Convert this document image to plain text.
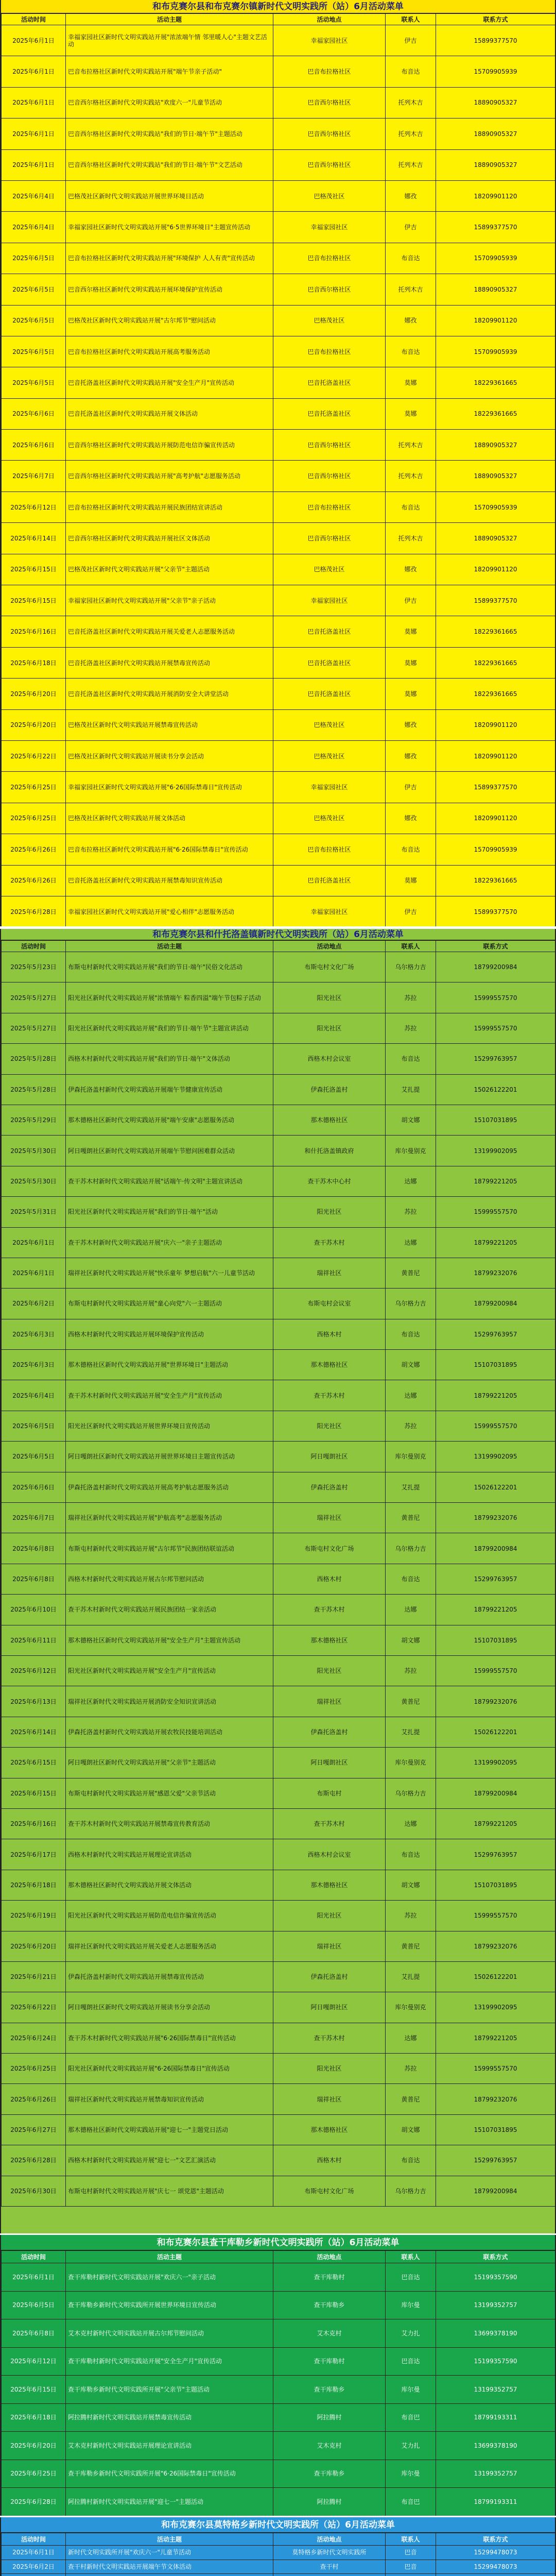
和布克赛尔县和布克赛尔镇新时代文明实践所（站）6月活动菜单
活动时间	活动主题	活动地点	联系人	联系方式
2025年6月1日	幸福家园社区新时代文明实践站开展"浓浓端午情 邻里暖人心"主题文艺活动	幸福家园社区	伊吉	15899377570
2025年6月1日	巴音布拉格社区新时代文明实践站开展"端午节亲子活动"	巴音布拉格社区	布音达	15709905939
2025年6月1日	巴音西尔格社区新时代文明实践站"欢度六一"儿童节活动	巴音西尔格社区	托列木吉	18890905327
2025年6月1日	巴音西尔格社区新时代文明实践站"我们的节日·端午节"主题活动	巴音西尔格社区	托列木吉	18890905327
2025年6月1日	巴音西尔格社区新时代文明实践站"我们的节日·端午节"文艺活动	巴音西尔格社区	托列木吉	18890905327
2025年6月4日	巴格茂社区新时代文明实践站开展世界环境日活动	巴格茂社区	娜孜	18209901120
2025年6月4日	幸福家园社区新时代文明实践站开展"6·5世界环境日"主题宣传活动	幸福家园社区	伊吉	15899377570
2025年6月5日	巴音布拉格社区新时代文明实践站开展"环境保护 人人有责"宣传活动	巴音布拉格社区	布音达	15709905939
2025年6月5日	巴音西尔格社区新时代文明实践站开展环境保护宣传活动	巴音西尔格社区	托列木吉	18890905327
2025年6月5日	巴格茂社区新时代文明实践站开展"古尔邦节"慰问活动	巴格茂社区	娜孜	18209901120
2025年6月5日	巴音布拉格社区新时代文明实践站开展高考服务活动	巴音布拉格社区	布音达	15709905939
2025年6月5日	巴音托洛盖社区新时代文明实践站开展"安全生产月"宣传活动	巴音托洛盖社区	莫娜	18229361665
2025年6月6日	巴音托洛盖社区新时代文明实践站开展文体活动	巴音托洛盖社区	莫娜	18229361665
2025年6月6日	巴音西尔格社区新时代文明实践站开展防范电信诈骗宣传活动	巴音西尔格社区	托列木吉	18890905327
2025年6月7日	巴音西尔格社区新时代文明实践站开展"高考护航"志愿服务活动	巴音西尔格社区	托列木吉	18890905327
2025年6月12日	巴音布拉格社区新时代文明实践站开展民族团结宣讲活动	巴音布拉格社区	布音达	15709905939
2025年6月14日	巴音西尔格社区新时代文明实践站开展社区文体活动	巴音西尔格社区	托列木吉	18890905327
2025年6月15日	巴格茂社区新时代文明实践站开展"父亲节"主题活动	巴格茂社区	娜孜	18209901120
2025年6月15日	幸福家园社区新时代文明实践站开展"父亲节"亲子活动	幸福家园社区	伊吉	15899377570
2025年6月16日	巴音托洛盖社区新时代文明实践站开展关爱老人志愿服务活动	巴音托洛盖社区	莫娜	18229361665
2025年6月18日	巴音托洛盖社区新时代文明实践站开展禁毒宣传活动	巴音托洛盖社区	莫娜	18229361665
2025年6月20日	巴音托洛盖社区新时代文明实践站开展消防安全大讲堂活动	巴音托洛盖社区	莫娜	18229361665
2025年6月20日	巴格茂社区新时代文明实践站开展禁毒宣传活动	巴格茂社区	娜孜	18209901120
2025年6月22日	巴格茂社区新时代文明实践站开展读书分享会活动	巴格茂社区	娜孜	18209901120
2025年6月25日	幸福家园社区新时代文明实践站开展"6·26国际禁毒日"宣传活动	幸福家园社区	伊吉	15899377570
2025年6月25日	巴格茂社区新时代文明实践站开展文体活动	巴格茂社区	娜孜	18209901120
2025年6月26日	巴音布拉格社区新时代文明实践站开展"6·26国际禁毒日"宣传活动	巴音布拉格社区	布音达	15709905939
2025年6月26日	巴音托洛盖社区新时代文明实践站开展禁毒知识宣传活动	巴音托洛盖社区	莫娜	18229361665
2025年6月28日	幸福家园社区新时代文明实践站开展"爱心相伴"志愿服务活动	幸福家园社区	伊吉	15899377570
和布克赛尔县和什托洛盖镇新时代文明实践所（站）6月活动菜单
活动时间	活动主题	活动地点	联系人	联系方式
2025年5月23日	布斯屯村新时代文明实践站开展"我们的节日·端午"民俗文化活动	布斯屯村文化广场	乌尔格力吉	18799200984
2025年5月27日	阳光社区新时代文明实践站开展"浓情端午 粽香四溢"端午节包粽子活动	阳光社区	苏拉	15999557570
2025年5月27日	阳光社区新时代文明实践站开展"我们的节日·端午节"主题宣讲活动	阳光社区	苏拉	15999557570
2025年5月28日	西格木村新时代文明实践站开展"我们的节日·端午"文体活动	西格木村会议室	布音达	15299763957
2025年5月28日	伊森托洛盖村新时代文明实践站开展端午节健康宣传活动	伊森托洛盖村	艾扎提	15026122201
2025年5月29日	那木德格社区新时代文明实践站开展"端午安康"志愿服务活动	那木德格社区	胡文娜	15107031895
2025年5月30日	阿日嘎朗社区新时代文明实践站开展端午节慰问困难群众活动	和什托洛盖镇政府	库尔曼别克	13199902095
2025年5月30日	查干苏木村新时代文明实践站开展"话端午·传文明"主题宣讲活动	查干苏木中心村	达娜	18799221205
2025年5月31日	阳光社区新时代文明实践站开展"我们的节日·端午"活动	阳光社区	苏拉	15999557570
2025年6月1日	查干苏木村新时代文明实践站开展"庆六一"亲子主题活动	查干苏木村	达娜	18799221205
2025年6月1日	瑞祥社区新时代文明实践站开展"快乐童年 梦想启航"六一儿童节活动	瑞祥社区	黄普尼	18799232076
2025年6月2日	布斯屯村新时代文明实践站开展"童心向党"六一主题活动	布斯屯村会议室	乌尔格力吉	18799200984
2025年6月3日	西格木村新时代文明实践站开展环境保护宣传活动	西格木村	布音达	15299763957
2025年6月3日	那木德格社区新时代文明实践站开展"世界环境日"主题活动	那木德格社区	胡文娜	15107031895
2025年6月4日	查干苏木村新时代文明实践站开展"安全生产月"宣传活动	查干苏木村	达娜	18799221205
2025年6月5日	阳光社区新时代文明实践站开展世界环境日宣传活动	阳光社区	苏拉	15999557570
2025年6月5日	阿日嘎朗社区新时代文明实践站开展世界环境日主题宣传活动	阿日嘎朗社区	库尔曼别克	13199902095
2025年6月6日	伊森托洛盖村新时代文明实践站开展高考护航志愿服务活动	伊森托洛盖村	艾扎提	15026122201
2025年6月7日	瑞祥社区新时代文明实践站开展"护航高考"志愿服务活动	瑞祥社区	黄普尼	18799232076
2025年6月8日	布斯屯村新时代文明实践站开展"古尔邦节"民族团结联谊活动	布斯屯村文化广场	乌尔格力吉	18799200984
2025年6月8日	西格木村新时代文明实践站开展古尔邦节慰问活动	西格木村	布音达	15299763957
2025年6月10日	查干苏木村新时代文明实践站开展民族团结一家亲活动	查干苏木村	达娜	18799221205
2025年6月11日	那木德格社区新时代文明实践站开展"安全生产月"主题宣传活动	那木德格社区	胡文娜	15107031895
2025年6月12日	阳光社区新时代文明实践站开展"安全生产月"宣传活动	阳光社区	苏拉	15999557570
2025年6月13日	瑞祥社区新时代文明实践站开展消防安全知识宣讲活动	瑞祥社区	黄普尼	18799232076
2025年6月14日	伊森托洛盖村新时代文明实践站开展农牧民技能培训活动	伊森托洛盖村	艾扎提	15026122201
2025年6月15日	阿日嘎朗社区新时代文明实践站开展"父亲节"主题活动	阿日嘎朗社区	库尔曼别克	13199902095
2025年6月15日	布斯屯村新时代文明实践站开展"感恩父爱"父亲节活动	布斯屯村	乌尔格力吉	18799200984
2025年6月16日	查干苏木村新时代文明实践站开展禁毒宣传教育活动	查干苏木村	达娜	18799221205
2025年6月17日	西格木村新时代文明实践站开展理论宣讲活动	西格木村会议室	布音达	15299763957
2025年6月18日	那木德格社区新时代文明实践站开展文体活动	那木德格社区	胡文娜	15107031895
2025年6月19日	阳光社区新时代文明实践站开展防范电信诈骗宣传活动	阳光社区	苏拉	15999557570
2025年6月20日	瑞祥社区新时代文明实践站开展关爱老人志愿服务活动	瑞祥社区	黄普尼	18799232076
2025年6月21日	伊森托洛盖村新时代文明实践站开展禁毒宣传活动	伊森托洛盖村	艾扎提	15026122201
2025年6月22日	阿日嘎朗社区新时代文明实践站开展读书分享会活动	阿日嘎朗社区	库尔曼别克	13199902095
2025年6月24日	查干苏木村新时代文明实践站开展"6·26国际禁毒日"宣传活动	查干苏木村	达娜	18799221205
2025年6月25日	阳光社区新时代文明实践站开展"6·26国际禁毒日"宣传活动	阳光社区	苏拉	15999557570
2025年6月26日	瑞祥社区新时代文明实践站开展禁毒知识宣传活动	瑞祥社区	黄普尼	18799232076
2025年6月27日	那木德格社区新时代文明实践站开展"迎七一"主题党日活动	那木德格社区	胡文娜	15107031895
2025年6月28日	西格木村新时代文明实践站开展"迎七一"文艺汇演活动	西格木村	布音达	15299763957
2025年6月30日	布斯屯村新时代文明实践站开展"庆七一 颂党恩"主题活动	布斯屯村文化广场	乌尔格力吉	18799200984
和布克赛尔县查干库勒乡新时代文明实践所（站）6月活动菜单
活动时间	活动主题	活动地点	联系人	联系方式
2025年6月1日	查干库勒村新时代文明实践站开展"欢庆六一"亲子活动	查干库勒村	巴音达	15199357590
2025年6月5日	查干库勒乡新时代文明实践所开展世界环境日宣传活动	查干库勒乡	库尔曼	13199352757
2025年6月8日	艾木克村新时代文明实践站开展古尔邦节慰问活动	艾木克村	艾力扎	13699378190
2025年6月12日	查干库勒村新时代文明实践站开展"安全生产月"宣传活动	查干库勒村	巴音达	15199357590
2025年6月15日	查干库勒乡新时代文明实践所开展"父亲节"主题活动	查干库勒乡	库尔曼	13199352757
2025年6月18日	阿拉腾村新时代文明实践站开展禁毒宣传活动	阿拉腾村	布音巴	18799193311
2025年6月20日	艾木克村新时代文明实践站开展理论宣讲活动	艾木克村	艾力扎	13699378190
2025年6月25日	查干库勒乡新时代文明实践所开展"6·26国际禁毒日"宣传活动	查干库勒乡	库尔曼	13199352757
2025年6月28日	阿拉腾村新时代文明实践站开展"迎七一"主题活动	阿拉腾村	布音巴	18799193311
和布克赛尔县莫特格乡新时代文明实践所（站）6月活动菜单
活动时间	活动主题	活动地点	联系人	联系方式
2025年6月1日	新时代文明实践所开展"欢庆六一"儿童节活动	莫特格乡新时代文明实践所	巴音	15299478073
2025年6月2日	查干村新时代文明实践站开展端午节文体活动	查干村	巴音	15299478073
